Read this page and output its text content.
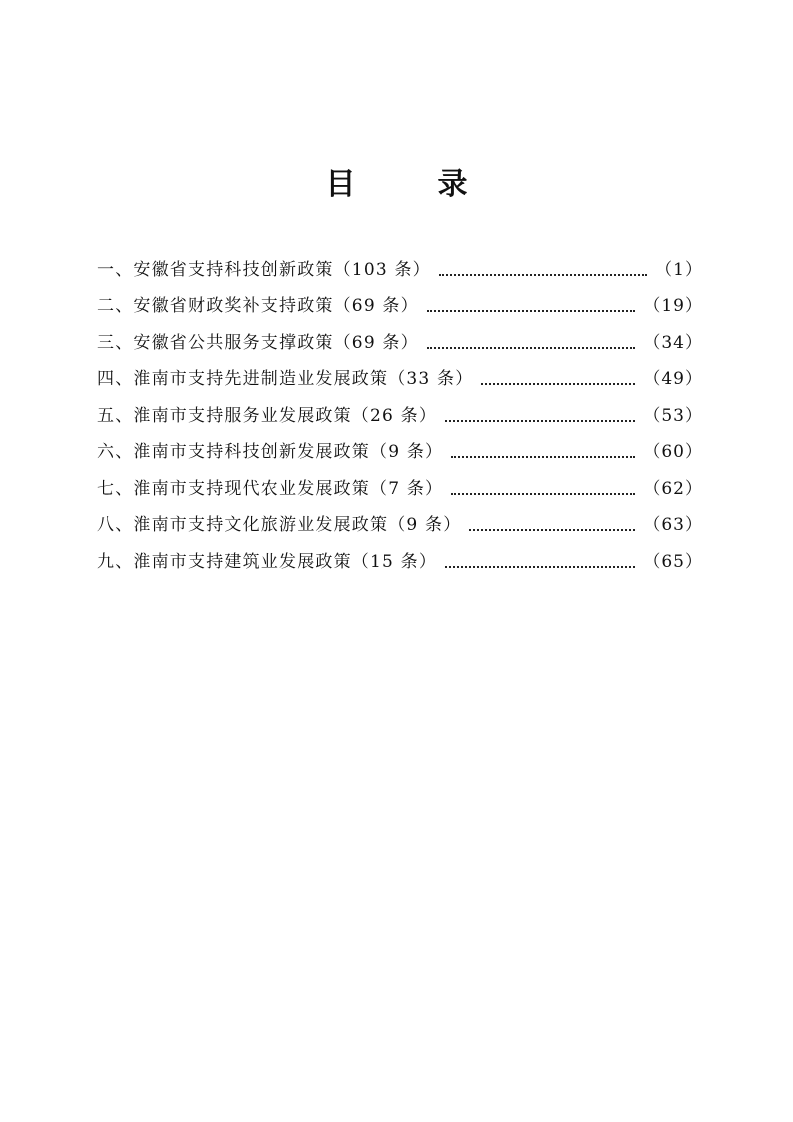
目　录
一、安徽省支持科技创新政策（103 条）	（1）
二、安徽省财政奖补支持政策（69 条）	（19）
三、安徽省公共服务支撑政策（69 条）	（34）
四、淮南市支持先进制造业发展政策（33 条）	（49）
五、淮南市支持服务业发展政策（26 条）	（53）
六、淮南市支持科技创新发展政策（9 条）	（60）
七、淮南市支持现代农业发展政策（7 条）	（62）
八、淮南市支持文化旅游业发展政策（9 条）	（63）
九、淮南市支持建筑业发展政策（15 条）	（65）
